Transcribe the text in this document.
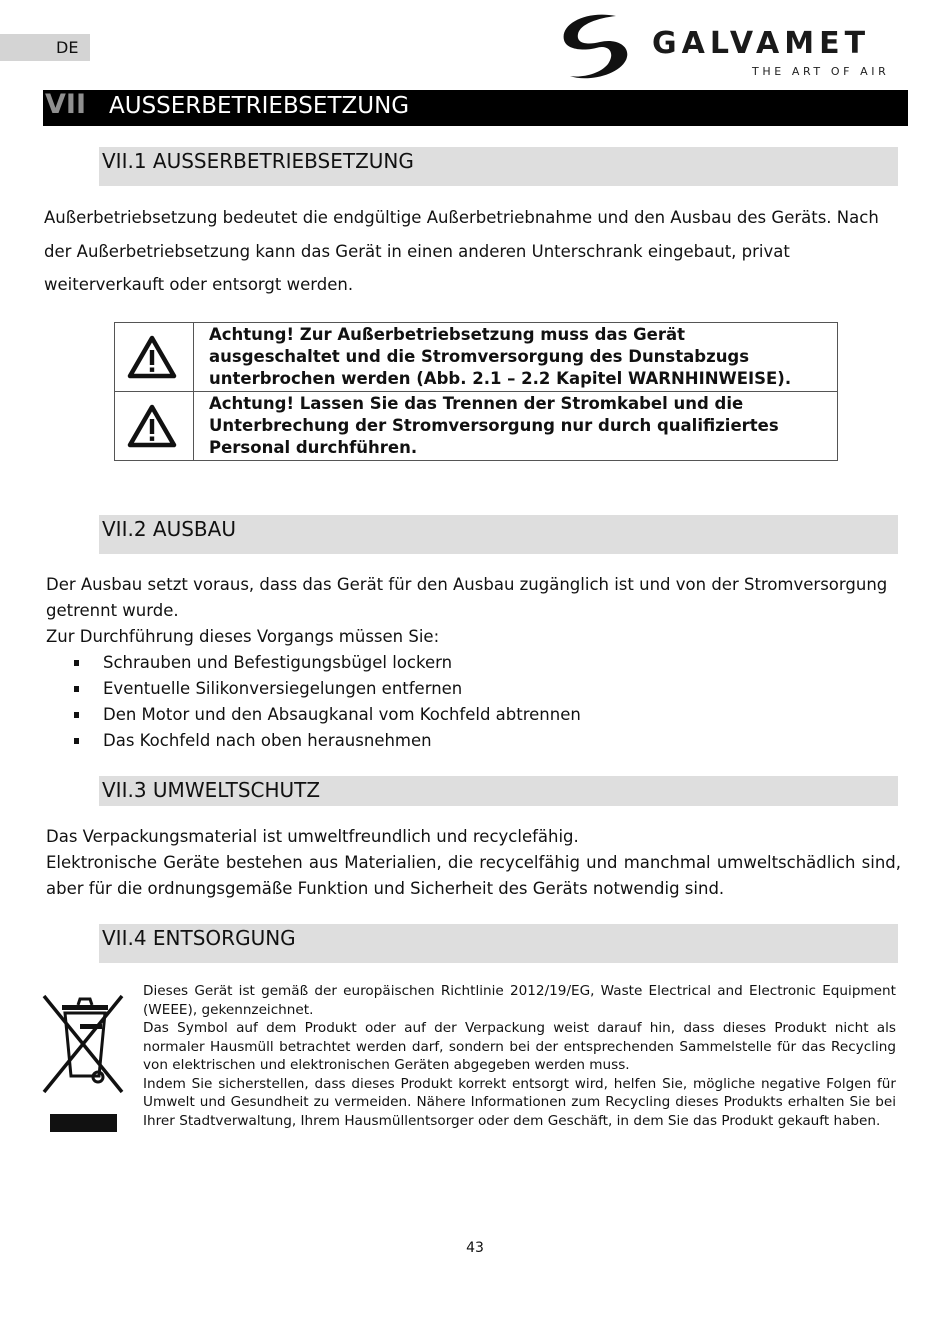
DE	GALVAMET
THE ART OF AIR
VII AUSSERBETRIEBSETZUNG
VII.1 AUSSERBETRIEBSETZUNG
Außerbetriebsetzung bedeutet die endgültige Außerbetriebnahme und den Ausbau des Geräts. Nach der Außerbetriebsetzung kann das Gerät in einen anderen Unterschrank eingebaut, privat weiterverkauft oder entsorgt werden.
Achtung! Zur Außerbetriebsetzung muss das Gerät ausgeschaltet und die Stromversorgung des Dunstabzugs unterbrochen werden (Abb. 2.1 – 2.2 Kapitel WARNHINWEISE).
Achtung! Lassen Sie das Trennen der Stromkabel und die Unterbrechung der Stromversorgung nur durch qualifiziertes Personal durchführen.
VII.2 AUSBAU
Der Ausbau setzt voraus, dass das Gerät für den Ausbau zugänglich ist und von der Stromversorgung getrennt wurde.
Zur Durchführung dieses Vorgangs müssen Sie:
Schrauben und Befestigungsbügel lockern
Eventuelle Silikonversiegelungen entfernen
Den Motor und den Absaugkanal vom Kochfeld abtrennen
Das Kochfeld nach oben herausnehmen
VII.3 UMWELTSCHUTZ
Das Verpackungsmaterial ist umweltfreundlich und recyclefähig.
Elektronische Geräte bestehen aus Materialien, die recycelfähig und manchmal umweltschädlich sind, aber für die ordnungsgemäße Funktion und Sicherheit des Geräts notwendig sind.
VII.4 ENTSORGUNG

Dieses Gerät ist gemäß der europäischen Richtlinie 2012/19/EG, Waste Electrical and Electronic Equipment (WEEE), gekennzeichnet.

Das Symbol auf dem Produkt oder auf der Verpackung weist darauf hin, dass dieses Produkt nicht als normaler Hausmüll betrachtet werden darf, sondern bei der entsprechenden Sammelstelle für das Recycling von elektrischen und elektronischen Geräten abgegeben werden muss.

Indem Sie sicherstellen, dass dieses Produkt korrekt entsorgt wird, helfen Sie, mögliche negative Folgen für Umwelt und Gesundheit zu vermeiden. Nähere Informationen zum Recycling dieses Produkts erhalten Sie bei Ihrer Stadtverwaltung, Ihrem Hausmüllentsorger oder dem Geschäft, in dem Sie das Produkt gekauft haben.

43
